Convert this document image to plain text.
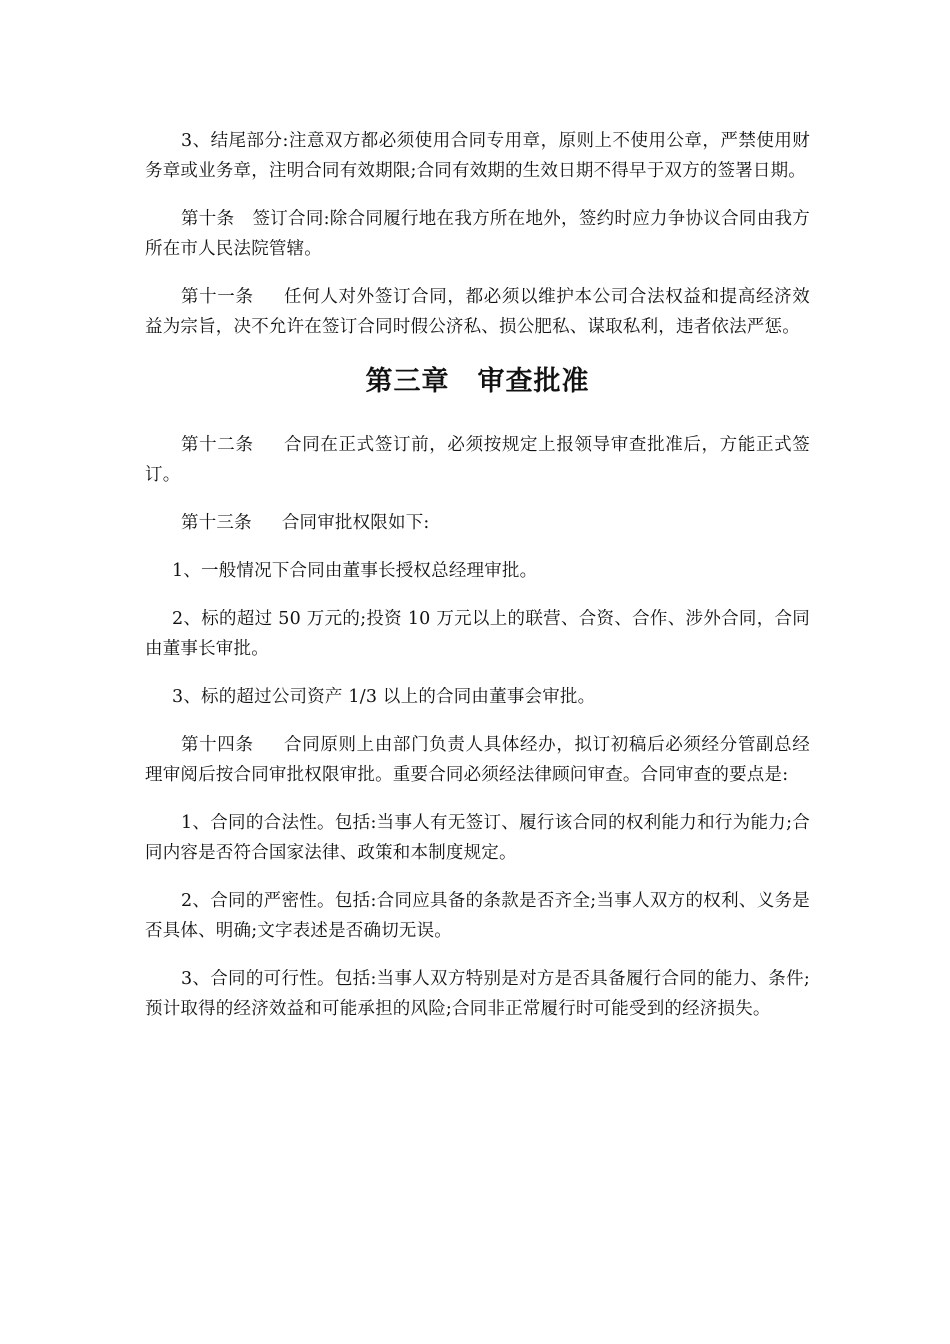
3、结尾部分:注意双方都必须使用合同专用章，原则上不使用公章，严禁使用财务章或业务章，注明合同有效期限;合同有效期的生效日期不得早于双方的签署日期。

第十条 签订合同:除合同履行地在我方所在地外，签约时应力争协议合同由我方所在市人民法院管辖。

第十一条 任何人对外签订合同，都必须以维护本公司合法权益和提高经济效益为宗旨，决不允许在签订合同时假公济私、损公肥私、谋取私利，违者依法严惩。

第三章　审查批准

第十二条 合同在正式签订前，必须按规定上报领导审查批准后，方能正式签订。

第十三条 合同审批权限如下:

1、一般情况下合同由董事长授权总经理审批。

2、标的超过 50 万元的;投资 10 万元以上的联营、合资、合作、涉外合同，合同由董事长审批。

3、标的超过公司资产 1/3 以上的合同由董事会审批。

第十四条 合同原则上由部门负责人具体经办，拟订初稿后必须经分管副总经理审阅后按合同审批权限审批。重要合同必须经法律顾问审查。合同审查的要点是:

1、合同的合法性。包括:当事人有无签订、履行该合同的权利能力和行为能力;合同内容是否符合国家法律、政策和本制度规定。

2、合同的严密性。包括:合同应具备的条款是否齐全;当事人双方的权利、义务是否具体、明确;文字表述是否确切无误。

3、合同的可行性。包括:当事人双方特别是对方是否具备履行合同的能力、条件;预计取得的经济效益和可能承担的风险;合同非正常履行时可能受到的经济损失。
